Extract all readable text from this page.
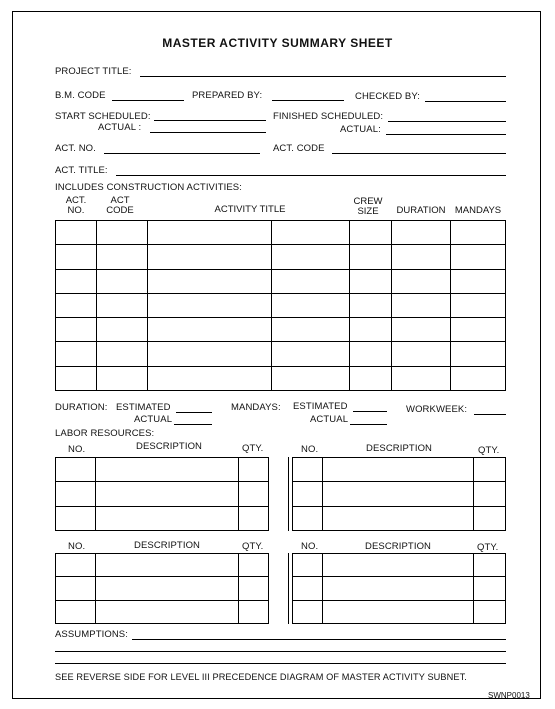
MASTER ACTIVITY SUMMARY SHEET
PROJECT TITLE:
B.M. CODE	PREPARED BY:	CHECKED BY:
START SCHEDULED:
ACTUAL :
FINISHED SCHEDULED:
ACTUAL:
ACT. NO.	ACT. CODE
ACT. TITLE:
INCLUDES CONSTRUCTION ACTIVITIES:
ACT.
NO.
ACT
CODE	ACTIVITY TITLE
CREW
SIZE	DURATION MANDAYS

DURATION: ESTIMATED
ACTUAL
MANDAYS: ESTIMATED
ACTUAL
WORKWEEK:
LABOR RESOURCES:
NO.	DESCRIPTION	QTY.	NO.	DESCRIPTION	QTY.

NO.	DESCRIPTION	QTY.	NO.	DESCRIPTION	QTY.

ASSUMPTIONS:
SEE REVERSE SIDE FOR LEVEL III PRECEDENCE DIAGRAM OF MASTER ACTIVITY SUBNET.
SWNP0013
